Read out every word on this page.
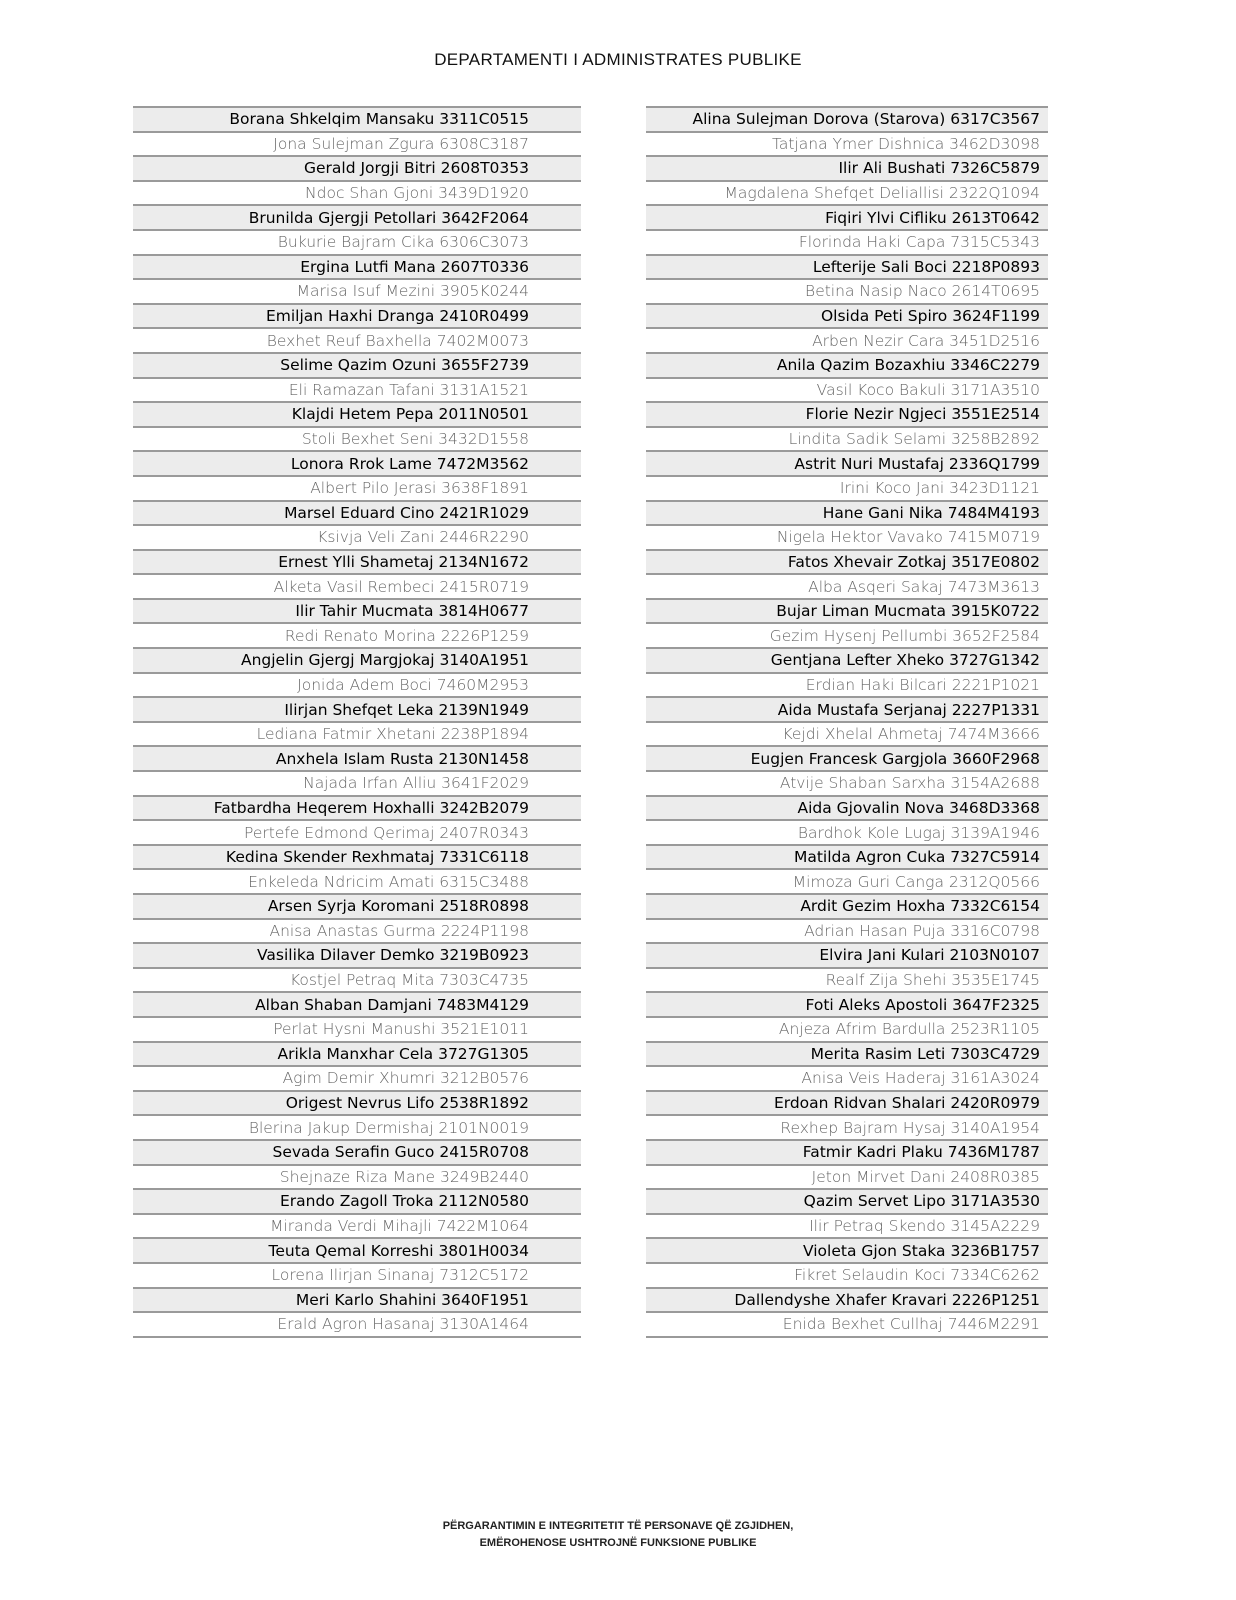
DEPARTAMENTI I ADMINISTRATES PUBLIKE
Borana Shkelqim Mansaku 3311C0515
Jona Sulejman Zgura 6308C3187
Gerald Jorgji Bitri 2608T0353
Ndoc Shan Gjoni 3439D1920
Brunilda Gjergji Petollari 3642F2064
Bukurie Bajram Cika 6306C3073
Ergina Lutfi Mana 2607T0336
Marisa Isuf Mezini 3905K0244
Emiljan Haxhi Dranga 2410R0499
Bexhet Reuf Baxhella 7402M0073
Selime Qazim Ozuni 3655F2739
Eli Ramazan Tafani 3131A1521
Klajdi Hetem Pepa 2011N0501
Stoli Bexhet Seni 3432D1558
Lonora Rrok Lame 7472M3562
Albert Pilo Jerasi 3638F1891
Marsel Eduard Cino 2421R1029
Ksivja Veli Zani 2446R2290
Ernest Ylli Shametaj 2134N1672
Alketa Vasil Rembeci 2415R0719
Ilir Tahir Mucmata 3814H0677
Redi Renato Morina 2226P1259
Angjelin Gjergj Margjokaj 3140A1951
Jonida Adem Boci 7460M2953
Ilirjan Shefqet Leka 2139N1949
Lediana Fatmir Xhetani 2238P1894
Anxhela Islam Rusta 2130N1458
Najada Irfan Alliu 3641F2029
Fatbardha Heqerem Hoxhalli 3242B2079
Pertefe Edmond Qerimaj 2407R0343
Kedina Skender Rexhmataj 7331C6118
Enkeleda Ndricim Amati 6315C3488
Arsen Syrja Koromani 2518R0898
Anisa Anastas Gurma 2224P1198
Vasilika Dilaver Demko 3219B0923
Kostjel Petraq Mita 7303C4735
Alban Shaban Damjani 7483M4129
Perlat Hysni Manushi 3521E1011
Arikla Manxhar Cela 3727G1305
Agim Demir Xhumri 3212B0576
Origest Nevrus Lifo 2538R1892
Blerina Jakup Dermishaj 2101N0019
Sevada Serafin Guco 2415R0708
Shejnaze Riza Mane 3249B2440
Erando Zagoll Troka 2112N0580
Miranda Verdi Mihajli 7422M1064
Teuta Qemal Korreshi 3801H0034
Lorena Ilirjan Sinanaj 7312C5172
Meri Karlo Shahini 3640F1951
Erald Agron Hasanaj 3130A1464
Alina Sulejman Dorova (Starova) 6317C3567
Tatjana Ymer Dishnica 3462D3098
Ilir Ali Bushati 7326C5879
Magdalena Shefqet Deliallisi 2322Q1094
Fiqiri Ylvi Cifliku 2613T0642
Florinda Haki Capa 7315C5343
Lefterije Sali Boci 2218P0893
Betina Nasip Naco 2614T0695
Olsida Peti Spiro 3624F1199
Arben Nezir Cara 3451D2516
Anila Qazim Bozaxhiu 3346C2279
Vasil Koco Bakuli 3171A3510
Florie Nezir Ngjeci 3551E2514
Lindita Sadik Selami 3258B2892
Astrit Nuri Mustafaj 2336Q1799
Irini Koco Jani 3423D1121
Hane Gani Nika 7484M4193
Nigela Hektor Vavako 7415M0719
Fatos Xhevair Zotkaj 3517E0802
Alba Asqeri Sakaj 7473M3613
Bujar Liman Mucmata 3915K0722
Gezim Hysenj Pellumbi 3652F2584
Gentjana Lefter Xheko 3727G1342
Erdian Haki Bilcari 2221P1021
Aida Mustafa Serjanaj 2227P1331
Kejdi Xhelal Ahmetaj 7474M3666
Eugjen Francesk Gargjola 3660F2968
Atvije Shaban Sarxha 3154A2688
Aida Gjovalin Nova 3468D3368
Bardhok Kole Lugaj 3139A1946
Matilda Agron Cuka 7327C5914
Mimoza Guri Canga 2312Q0566
Ardit Gezim Hoxha 7332C6154
Adrian Hasan Puja 3316C0798
Elvira Jani Kulari 2103N0107
Realf Zija Shehi 3535E1745
Foti Aleks Apostoli 3647F2325
Anjeza Afrim Bardulla 2523R1105
Merita Rasim Leti 7303C4729
Anisa Veis Haderaj 3161A3024
Erdoan Ridvan Shalari 2420R0979
Rexhep Bajram Hysaj 3140A1954
Fatmir Kadri Plaku 7436M1787
Jeton Mirvet Dani 2408R0385
Qazim Servet Lipo 3171A3530
Ilir Petraq Skendo 3145A2229
Violeta Gjon Staka 3236B1757
Fikret Selaudin Koci 7334C6262
Dallendyshe Xhafer Kravari 2226P1251
Enida Bexhet Cullhaj 7446M2291
PËRGARANTIMIN E INTEGRITETIT TË PERSONAVE QË ZGJIDHEN,
EMËROHENOSE USHTROJNË FUNKSIONE PUBLIKE
